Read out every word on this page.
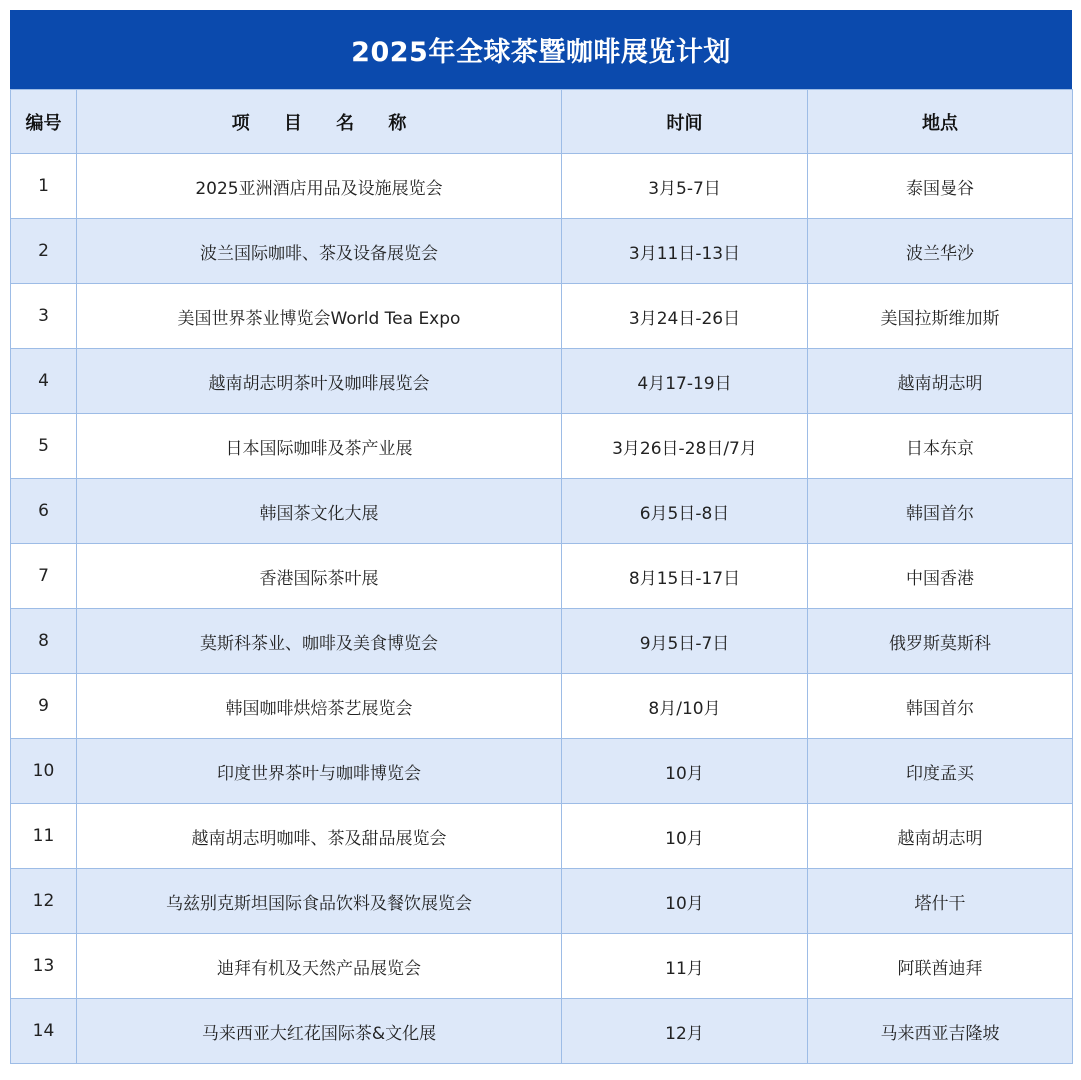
2025年全球茶暨咖啡展览计划
编号	项 目 名 称	时间	地点
1	2025亚洲酒店用品及设施展览会	3月5-7日	泰国曼谷
2	波兰国际咖啡、茶及设备展览会	3月11日-13日	波兰华沙
3	美国世界茶业博览会World Tea Expo	3月24日-26日	美国拉斯维加斯
4	越南胡志明茶叶及咖啡展览会	4月17-19日	越南胡志明
5	日本国际咖啡及茶产业展	3月26日-28日/7月	日本东京
6	韩国茶文化大展	6月5日-8日	韩国首尔
7	香港国际茶叶展	8月15日-17日	中国香港
8	莫斯科茶业、咖啡及美食博览会	9月5日-7日	俄罗斯莫斯科
9	韩国咖啡烘焙茶艺展览会	8月/10月	韩国首尔
10	印度世界茶叶与咖啡博览会	10月	印度孟买
11	越南胡志明咖啡、茶及甜品展览会	10月	越南胡志明
12	乌兹别克斯坦国际食品饮料及餐饮展览会	10月	塔什干
13	迪拜有机及天然产品展览会	11月	阿联酋迪拜
14	马来西亚大红花国际茶&文化展	12月	马来西亚吉隆坡
